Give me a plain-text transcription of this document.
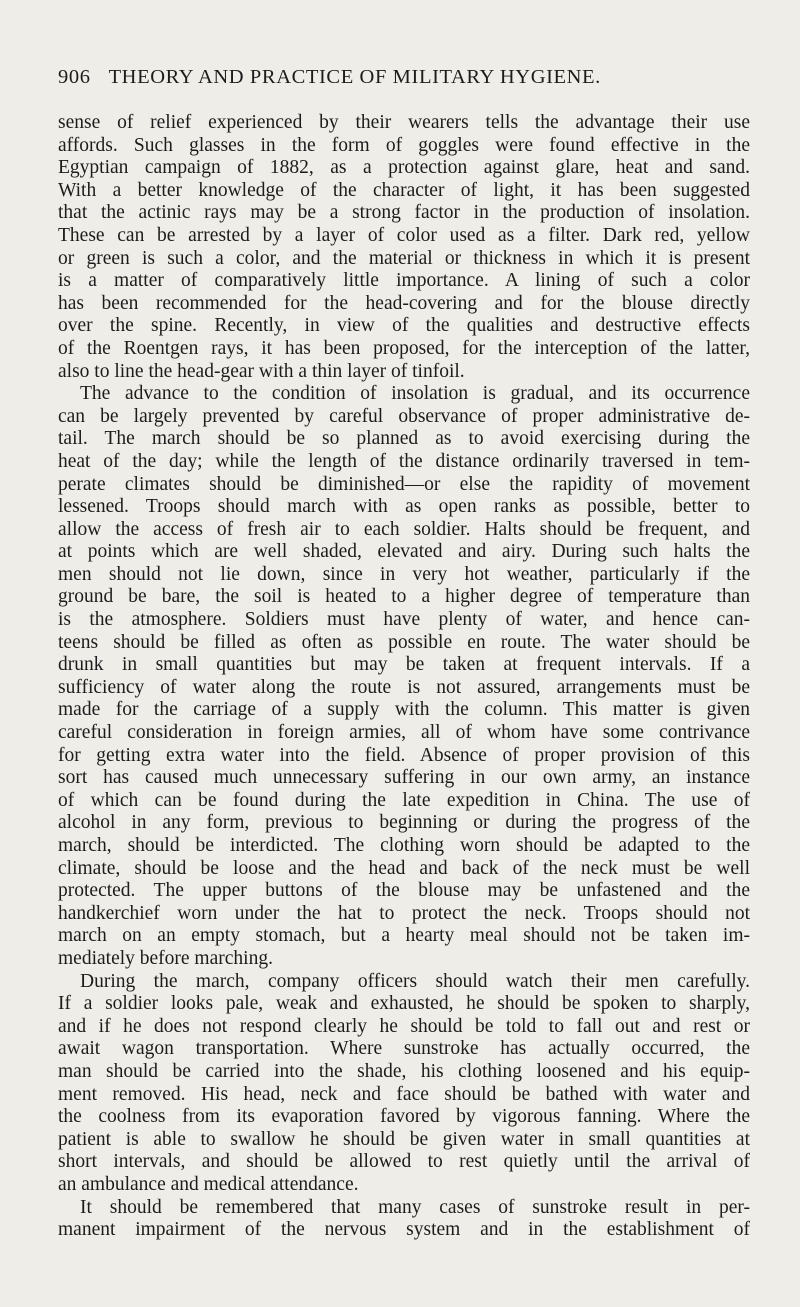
906 THEORY AND PRACTICE OF MILITARY HYGIENE.
sense of relief experienced by their wearers tells the advantage their use
affords. Such glasses in the form of goggles were found effective in the
Egyptian campaign of 1882, as a protection against glare, heat and sand.
With a better knowledge of the character of light, it has been suggested
that the actinic rays may be a strong factor in the production of insolation.
These can be arrested by a layer of color used as a filter. Dark red, yellow
or green is such a color, and the material or thickness in which it is present
is a matter of comparatively little importance. A lining of such a color
has been recommended for the head-covering and for the blouse directly
over the spine. Recently, in view of the qualities and destructive effects
of the Roentgen rays, it has been proposed, for the interception of the latter,
also to line the head-gear with a thin layer of tinfoil.
The advance to the condition of insolation is gradual, and its occurrence
can be largely prevented by careful observance of proper administrative de-
tail. The march should be so planned as to avoid exercising during the
heat of the day; while the length of the distance ordinarily traversed in tem-
perate climates should be diminished—or else the rapidity of movement
lessened. Troops should march with as open ranks as possible, better to
allow the access of fresh air to each soldier. Halts should be frequent, and
at points which are well shaded, elevated and airy. During such halts the
men should not lie down, since in very hot weather, particularly if the
ground be bare, the soil is heated to a higher degree of temperature than
is the atmosphere. Soldiers must have plenty of water, and hence can-
teens should be filled as often as possible en route. The water should be
drunk in small quantities but may be taken at frequent intervals. If a
sufficiency of water along the route is not assured, arrangements must be
made for the carriage of a supply with the column. This matter is given
careful consideration in foreign armies, all of whom have some contrivance
for getting extra water into the field. Absence of proper provision of this
sort has caused much unnecessary suffering in our own army, an instance
of which can be found during the late expedition in China. The use of
alcohol in any form, previous to beginning or during the progress of the
march, should be interdicted. The clothing worn should be adapted to the
climate, should be loose and the head and back of the neck must be well
protected. The upper buttons of the blouse may be unfastened and the
handkerchief worn under the hat to protect the neck. Troops should not
march on an empty stomach, but a hearty meal should not be taken im-
mediately before marching.
During the march, company officers should watch their men carefully.
If a soldier looks pale, weak and exhausted, he should be spoken to sharply,
and if he does not respond clearly he should be told to fall out and rest or
await wagon transportation. Where sunstroke has actually occurred, the
man should be carried into the shade, his clothing loosened and his equip-
ment removed. His head, neck and face should be bathed with water and
the coolness from its evaporation favored by vigorous fanning. Where the
patient is able to swallow he should be given water in small quantities at
short intervals, and should be allowed to rest quietly until the arrival of
an ambulance and medical attendance.
It should be remembered that many cases of sunstroke result in per-
manent impairment of the nervous system and in the establishment of
